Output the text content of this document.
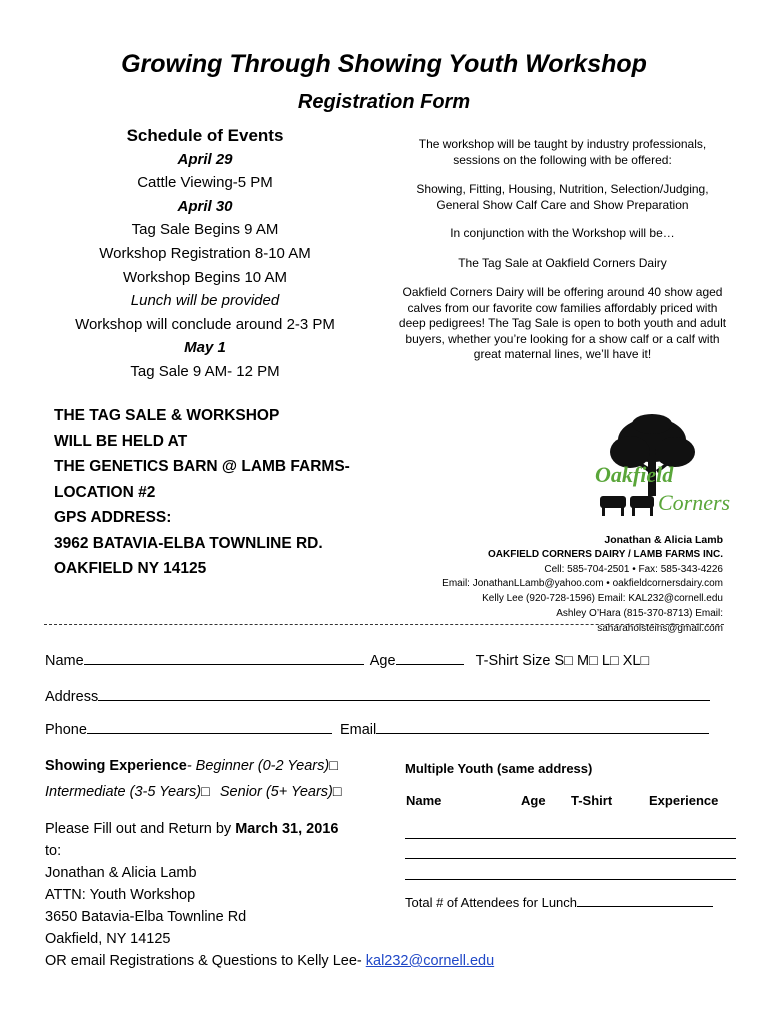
Growing Through Showing Youth Workshop
Registration Form
Schedule of Events
April 29
Cattle Viewing-5 PM
April 30
Tag Sale Begins 9 AM
Workshop Registration 8-10 AM
Workshop Begins 10 AM
Lunch will be provided
Workshop will conclude around 2-3 PM
May 1
Tag Sale 9 AM- 12 PM

The workshop will be taught by industry professionals, sessions on the following with be offered:

Showing, Fitting, Housing, Nutrition, Selection/Judging, General Show Calf Care and Show Preparation

In conjunction with the Workshop will be…

The Tag Sale at Oakfield Corners Dairy

Oakfield Corners Dairy will be offering around 40 show aged calves from our favorite cow families affordably priced with deep pedigrees! The Tag Sale is open to both youth and adult buyers, whether you’re looking for a show calf or a calf with great maternal lines, we’ll have it!

THE TAG SALE & WORKSHOP
WILL BE HELD AT
THE GENETICS BARN @ LAMB FARMS-
LOCATION #2
GPS ADDRESS:
3962 BATAVIA-ELBA TOWNLINE RD.
OAKFIELD NY 14125
Oakfield
Corners
Jonathan & Alicia Lamb
OAKFIELD CORNERS DAIRY / LAMB FARMS INC.
Cell: 585-704-2501 • Fax: 585-343-4226
Email: JonathanLLamb@yahoo.com • oakfieldcornersdairy.com
Kelly Lee (920-728-1596) Email: KAL232@cornell.edu
Ashley O’Hara (815-370-8713) Email: saharaholsteins@gmail.com
Name	Age	T-Shirt Size S□ M□ L□ XL□
Address
Phone	Email
Showing Experience- Beginner (0-2 Years)□
Intermediate (3-5 Years)□ Senior (5+ Years)□
Please Fill out and Return by March 31, 2016
to:
Jonathan & Alicia Lamb
ATTN: Youth Workshop
3650 Batavia-Elba Townline Rd
Oakfield, NY 14125
OR email Registrations & Questions to Kelly Lee- kal232@cornell.edu
Multiple Youth (same address)
Name	Age T-Shirt	Experience
Total # of Attendees for Lunch
